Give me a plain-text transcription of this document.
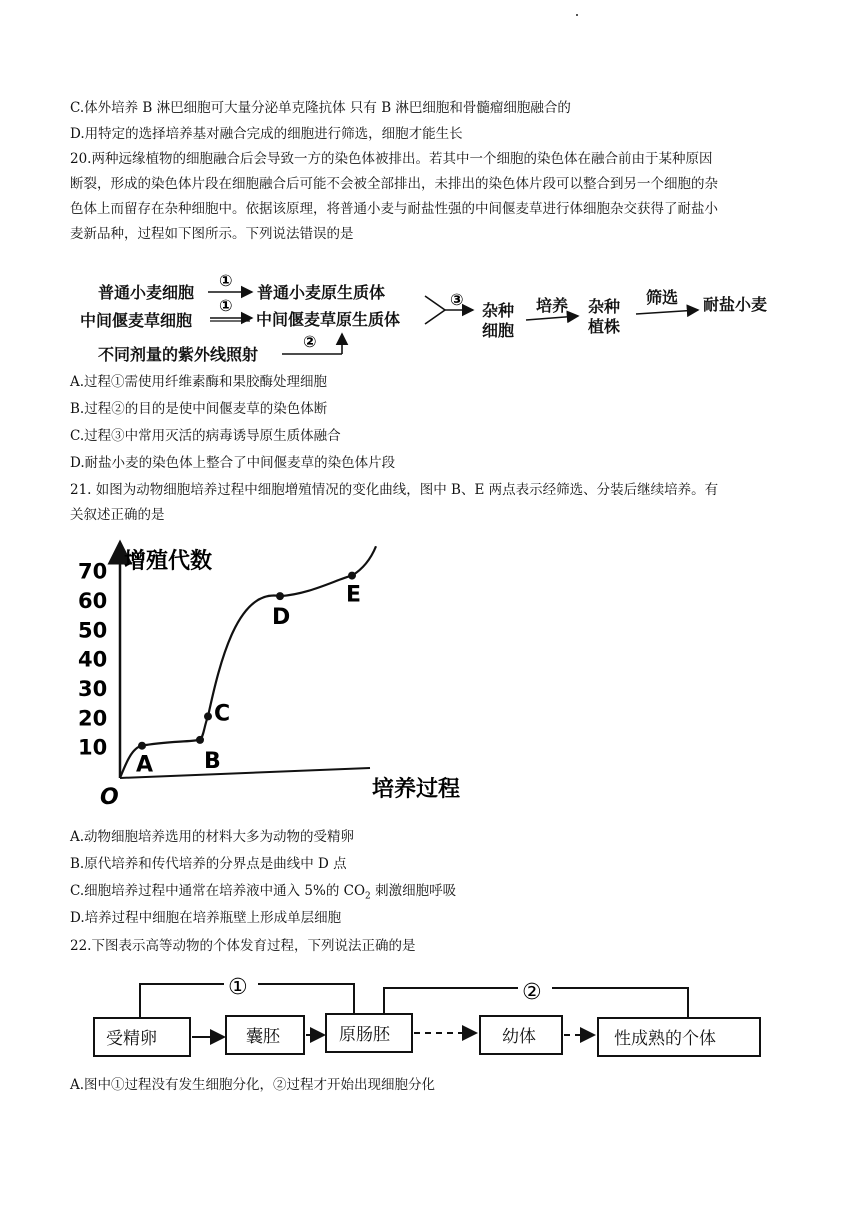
C.体外培养 B 淋巴细胞可大量分泌单克隆抗体 只有 B 淋巴细胞和骨髓瘤细胞融合的
D.用特定的选择培养基对融合完成的细胞进行筛选，细胞才能生长
20.两种远缘植物的细胞融合后会导致一方的染色体被排出。若其中一个细胞的染色体在融合前由于某种原因
断裂，形成的染色体片段在细胞融合后可能不会被全部排出，未排出的染色体片段可以整合到另一个细胞的杂
色体上而留存在杂种细胞中。依据该原理，将普通小麦与耐盐性强的中间偃麦草进行体细胞杂交获得了耐盐小
麦新品种，过程如下图所示。下列说法错误的是
普通小麦细胞
中间偃麦草细胞
不同剂量的紫外线照射
①
①
普通小麦原生质体
中间偃麦草原生质体
②
③
杂种
细胞
培养 杂种
植株
筛选 耐盐小麦
A.过程①需使用纤维素酶和果胶酶处理细胞
B.过程②的目的是使中间偃麦草的染色体断
C.过程③中常用灭活的病毒诱导原生质体融合
D.耐盐小麦的染色体上整合了中间偃麦草的染色体片段
21. 如图为动物细胞培养过程中细胞增殖情况的变化曲线，图中 B、E 两点表示经筛选、分装后继续培养。有
关叙述正确的是
增殖代数
培养过程
O
10
20
30
40
50
60
70
A B
C
D
E
A.动物细胞培养选用的材料大多为动物的受精卵
B.原代培养和传代培养的分界点是曲线中 D 点
C.细胞培养过程中通常在培养液中通入 5%的 $CO_2$ 刺激细胞呼吸
D.培养过程中细胞在培养瓶壁上形成单层细胞
22.下图表示高等动物的个体发育过程，下列说法正确的是
①	②
受精卵	囊胚	原肠胚	幼体	性成熟的个体
A.图中①过程没有发生细胞分化，②过程才开始出现细胞分化
